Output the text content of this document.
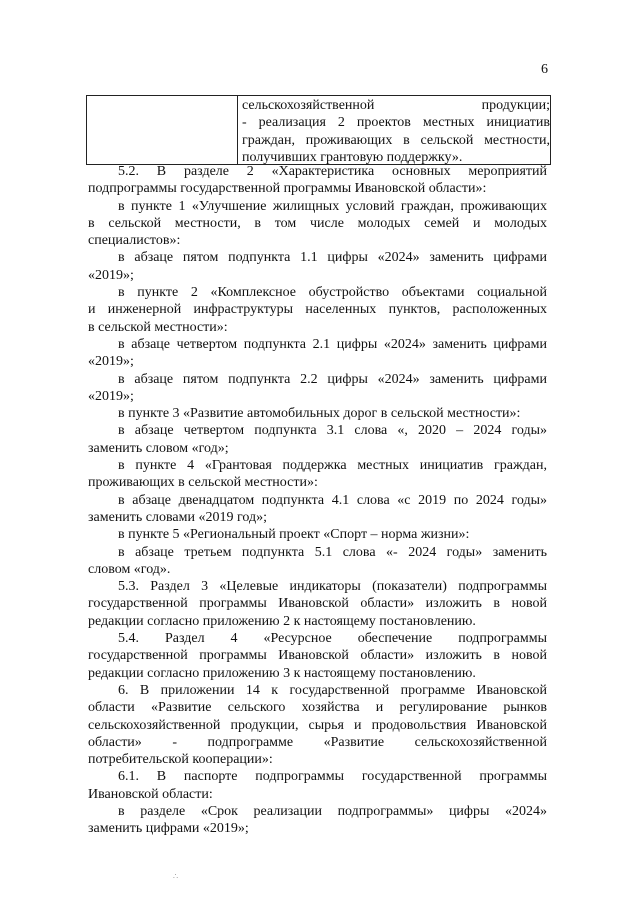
6
сельскохозяйственной продукции;
- реализация 2 проектов местных инициатив
граждан, проживающих в сельской местности,
получивших грантовую поддержку».
5.2. В разделе 2 «Характеристика основных мероприятий
подпрограммы государственной программы Ивановской области»:
в пункте 1 «Улучшение жилищных условий граждан, проживающих
в сельской местности, в том числе молодых семей и молодых
специалистов»:
в абзаце пятом подпункта 1.1 цифры «2024» заменить цифрами
«2019»;
в пункте 2 «Комплексное обустройство объектами социальной
и инженерной инфраструктуры населенных пунктов, расположенных
в сельской местности»:
в абзаце четвертом подпункта 2.1 цифры «2024» заменить цифрами
«2019»;
в абзаце пятом подпункта 2.2 цифры «2024» заменить цифрами
«2019»;
в пункте 3 «Развитие автомобильных дорог в сельской местности»:
в абзаце четвертом подпункта 3.1 слова «, 2020 – 2024 годы»
заменить словом «год»;
в пункте 4 «Грантовая поддержка местных инициатив граждан,
проживающих в сельской местности»:
в абзаце двенадцатом подпункта 4.1 слова «с 2019 по 2024 годы»
заменить словами «2019 год»;
в пункте 5 «Региональный проект «Спорт – норма жизни»:
в абзаце третьем подпункта 5.1 слова «- 2024 годы» заменить
словом «год».
5.3. Раздел 3 «Целевые индикаторы (показатели) подпрограммы
государственной программы Ивановской области» изложить в новой
редакции согласно приложению 2 к настоящему постановлению.
5.4. Раздел 4 «Ресурсное обеспечение подпрограммы
государственной программы Ивановской области» изложить в новой
редакции согласно приложению 3 к настоящему постановлению.
6. В приложении 14 к государственной программе Ивановской
области «Развитие сельского хозяйства и регулирование рынков
сельскохозяйственной продукции, сырья и продовольствия Ивановской
области» - подпрограмме «Развитие сельскохозяйственной
потребительской кооперации»:
6.1. В паспорте подпрограммы государственной программы
Ивановской области:
в разделе «Срок реализации подпрограммы» цифры «2024»
заменить цифрами «2019»;
∴
